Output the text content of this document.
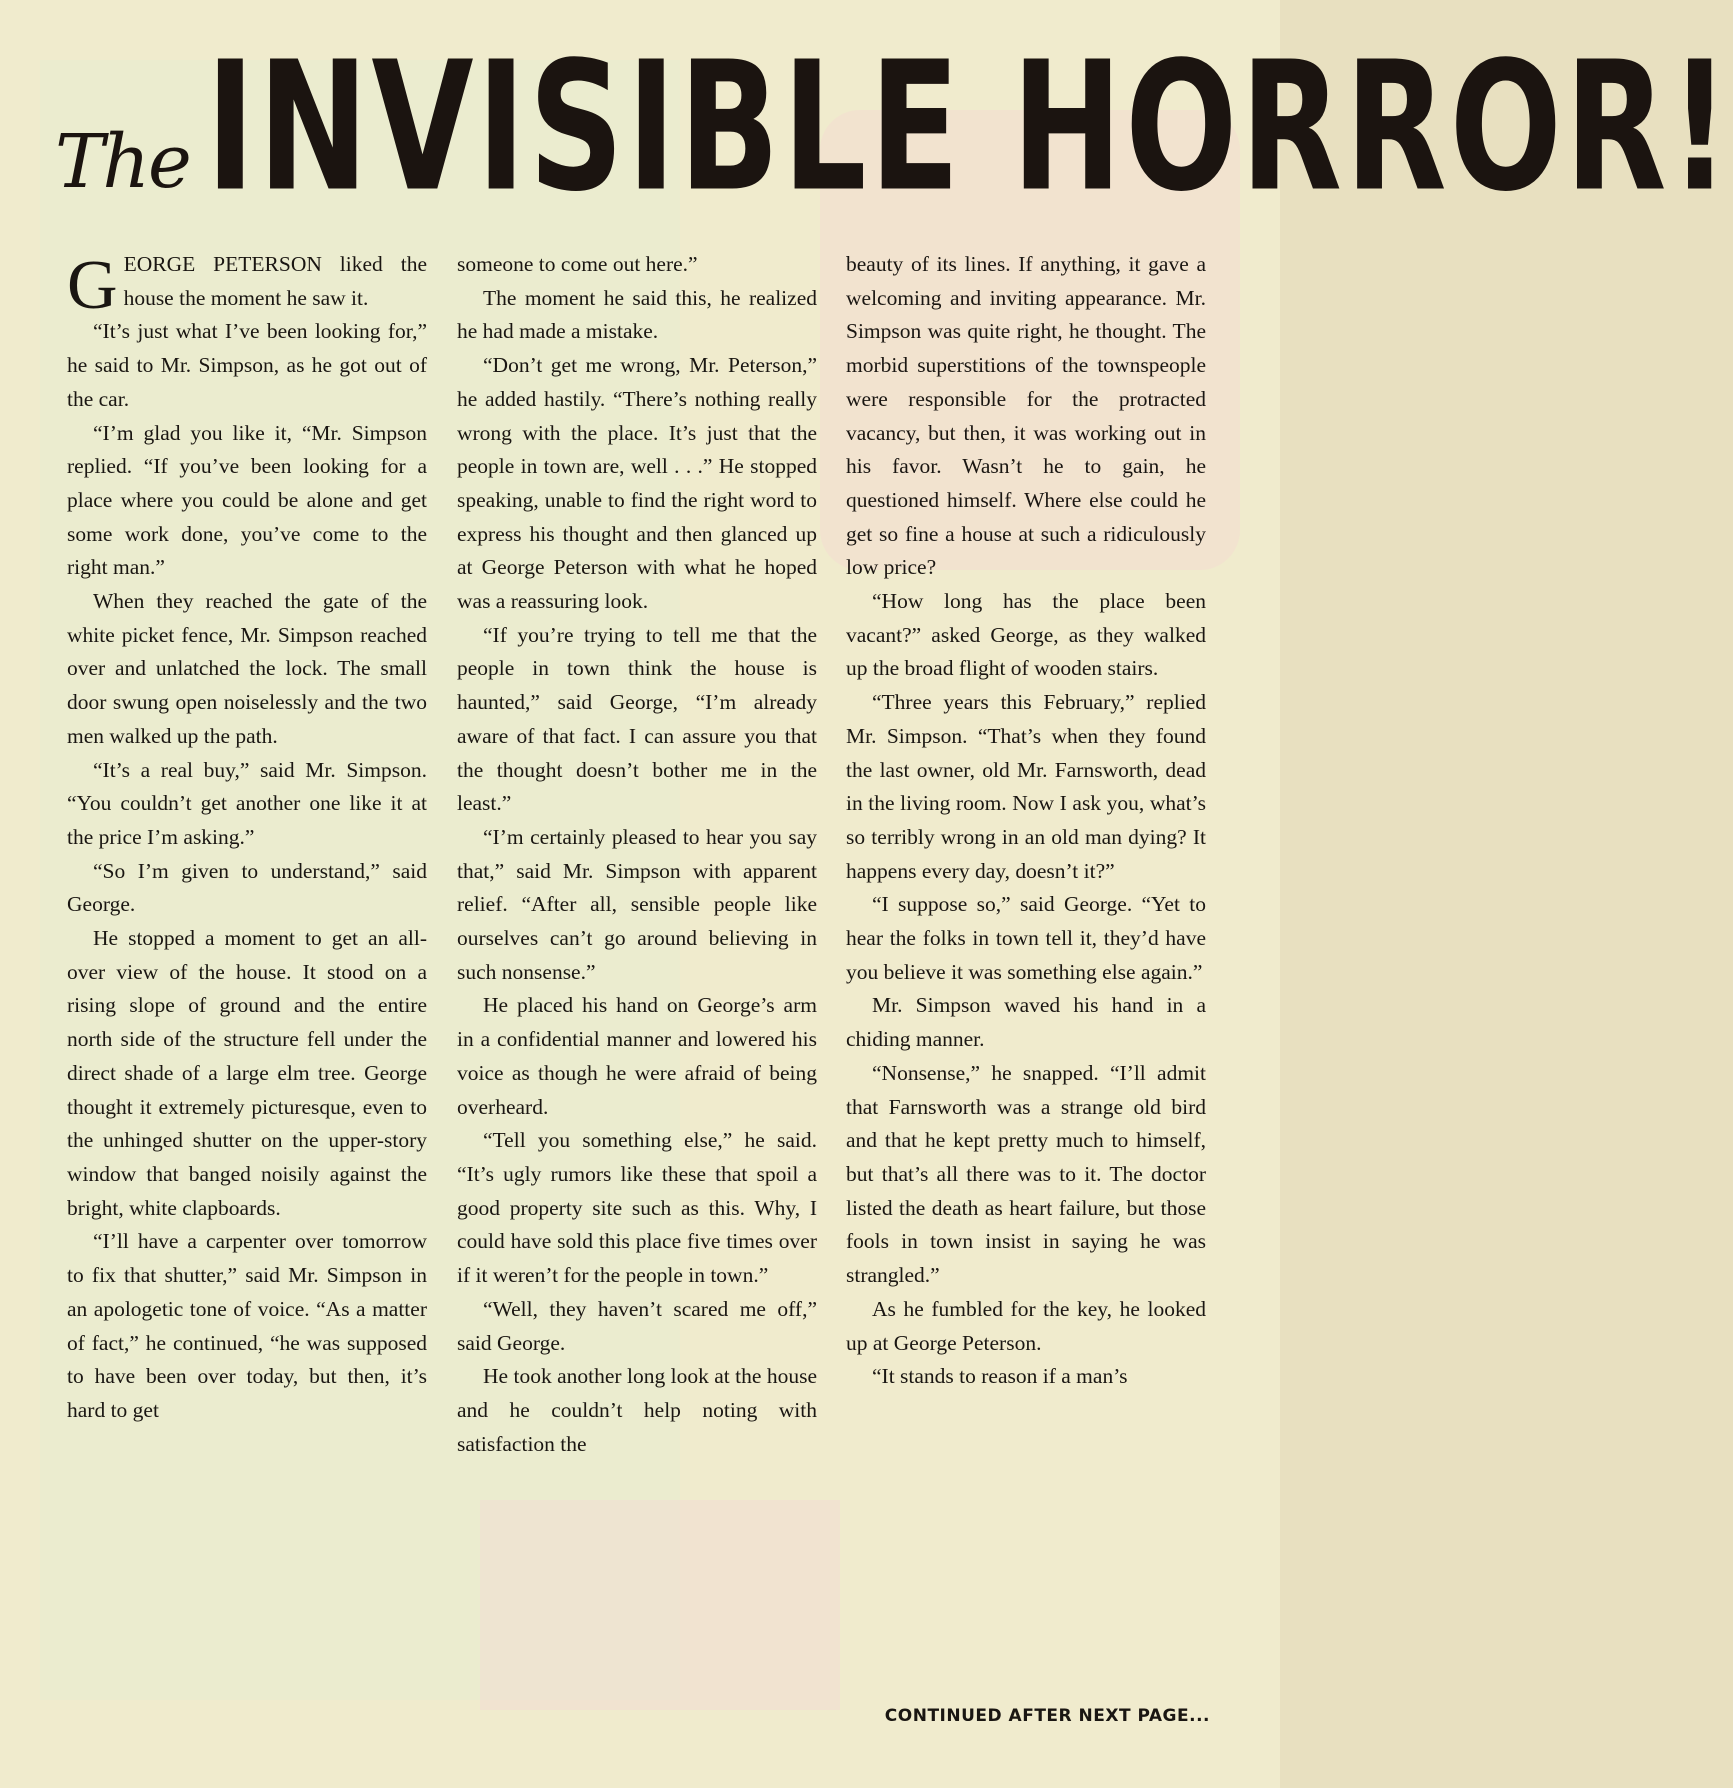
The INVISIBLE HORROR!

GEORGE PETERSON liked the house the moment he saw it.

“It’s just what I’ve been looking for,” he said to Mr. Simpson, as he got out of the car.

“I’m glad you like it, “Mr. Simpson replied. “If you’ve been looking for a place where you could be alone and get some work done, you’ve come to the right man.”

When they reached the gate of the white picket fence, Mr. Simpson reached over and unlatched the lock. The small door swung open noiselessly and the two men walked up the path.

“It’s a real buy,” said Mr. Simpson. “You couldn’t get another one like it at the price I’m asking.”

“So I’m given to understand,” said George.

He stopped a moment to get an all-over view of the house. It stood on a rising slope of ground and the entire north side of the structure fell under the direct shade of a large elm tree. George thought it extremely picturesque, even to the unhinged shutter on the upper-story window that banged noisily against the bright, white clapboards.

“I’ll have a carpenter over tomorrow to fix that shutter,” said Mr. Simpson in an apologetic tone of voice. “As a matter of fact,” he continued, “he was supposed to have been over today, but then, it’s hard to get

someone to come out here.”

The moment he said this, he realized he had made a mistake.

“Don’t get me wrong, Mr. Peterson,” he added hastily. “There’s nothing really wrong with the place. It’s just that the people in town are, well . . .” He stopped speaking, unable to find the right word to express his thought and then glanced up at George Peterson with what he hoped was a reassuring look.

“If you’re trying to tell me that the people in town think the house is haunted,” said George, “I’m already aware of that fact. I can assure you that the thought doesn’t bother me in the least.”

“I’m certainly pleased to hear you say that,” said Mr. Simpson with apparent relief. “After all, sensible people like ourselves can’t go around believing in such nonsense.”

He placed his hand on George’s arm in a confidential manner and lowered his voice as though he were afraid of being overheard.

“Tell you something else,” he said. “It’s ugly rumors like these that spoil a good property site such as this. Why, I could have sold this place five times over if it weren’t for the people in town.”

“Well, they haven’t scared me off,” said George.

He took another long look at the house and he couldn’t help noting with satisfaction the

beauty of its lines. If anything, it gave a welcoming and inviting appearance. Mr. Simpson was quite right, he thought. The morbid superstitions of the townspeople were responsible for the protracted vacancy, but then, it was working out in his favor. Wasn’t he to gain, he questioned himself. Where else could he get so fine a house at such a ridiculously low price?

“How long has the place been vacant?” asked George, as they walked up the broad flight of wooden stairs.

“Three years this February,” replied Mr. Simpson. “That’s when they found the last owner, old Mr. Farnsworth, dead in the living room. Now I ask you, what’s so terribly wrong in an old man dying? It happens every day, doesn’t it?”

“I suppose so,” said George. “Yet to hear the folks in town tell it, they’d have you believe it was something else again.”

Mr. Simpson waved his hand in a chiding manner.

“Nonsense,” he snapped. “I’ll admit that Farnsworth was a strange old bird and that he kept pretty much to himself, but that’s all there was to it. The doctor listed the death as heart failure, but those fools in town insist in saying he was strangled.”

As he fumbled for the key, he looked up at George Peterson.

“It stands to reason if a man’s

CONTINUED AFTER NEXT PAGE...
